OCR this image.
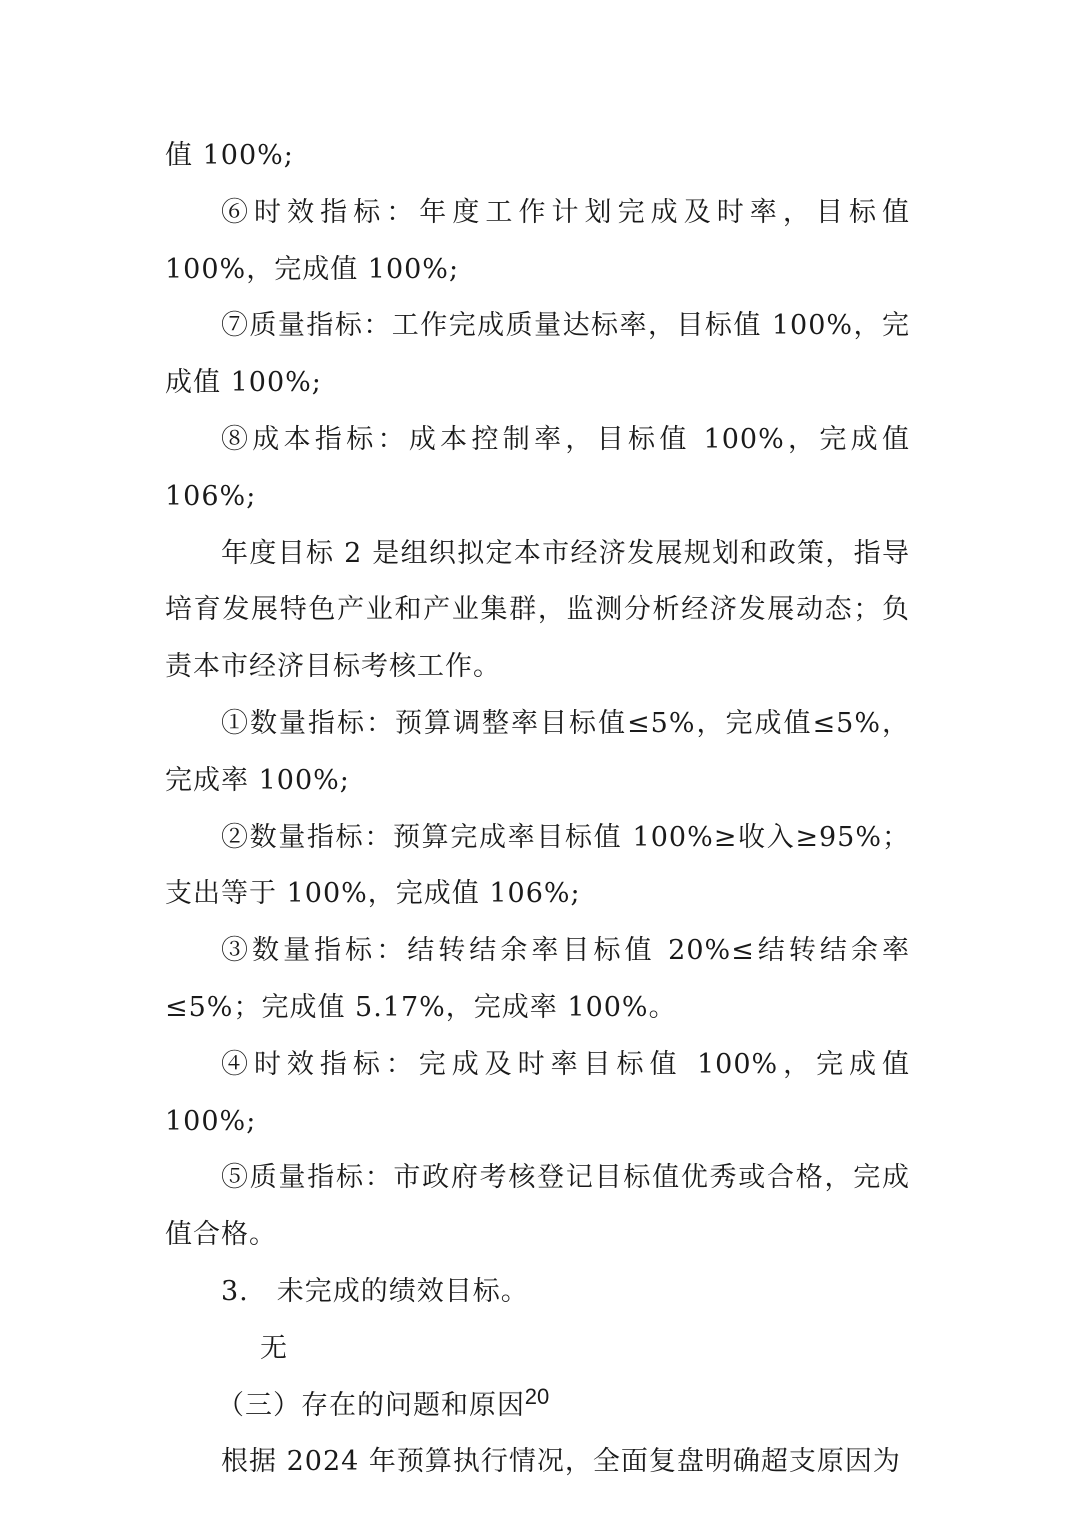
值 100%;

⑥时效指标：年度工作计划完成及时率，目标值 100%，完成值 100%;

⑦质量指标：工作完成质量达标率，目标值 100%，完成值 100%;

⑧成本指标：成本控制率，目标值 100%，完成值 106%;

年度目标 2 是组织拟定本市经济发展规划和政策，指导培育发展特色产业和产业集群，监测分析经济发展动态；负责本市经济目标考核工作。

①数量指标：预算调整率目标值≤5%，完成值≤5%，完成率 100%;

②数量指标：预算完成率目标值 100%≥收入≥95%；支出等于 100%，完成值 106%;

③数量指标：结转结余率目标值 20%≤结转结余率≤5%；完成值 5.17%，完成率 100%。

④时效指标：完成及时率目标值 100%，完成值 100%;

⑤质量指标：市政府考核登记目标值优秀或合格，完成值合格。

3.　未完成的绩效目标。

无

（三）存在的问题和原因

根据 2024 年预算执行情况，全面复盘明确超支原因为

20
